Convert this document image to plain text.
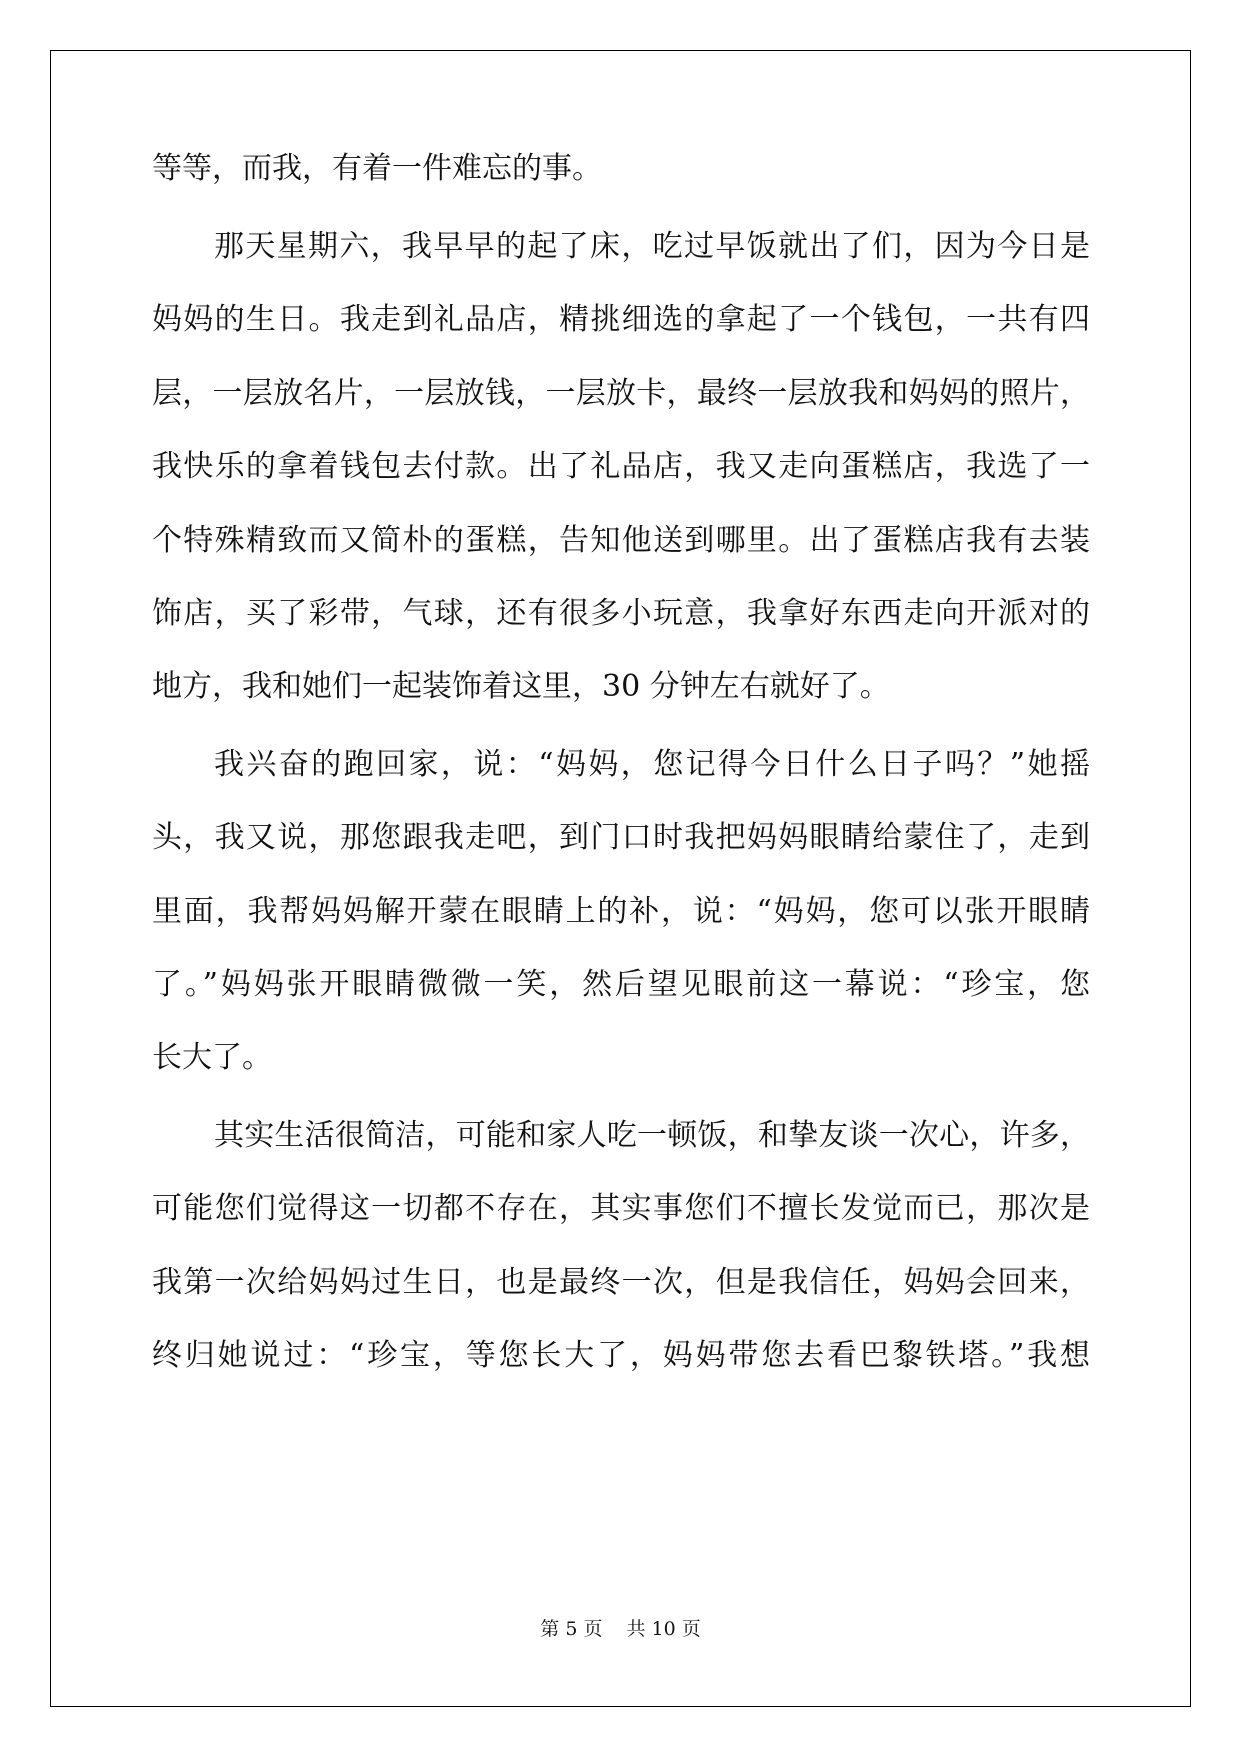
等等，而我，有着一件难忘的事。
那天星期六，我早早的起了床，吃过早饭就出了们，因为今日是
妈妈的生日。我走到礼品店，精挑细选的拿起了一个钱包，一共有四
层，一层放名片，一层放钱，一层放卡，最终一层放我和妈妈的照片，
我快乐的拿着钱包去付款。出了礼品店，我又走向蛋糕店，我选了一
个特殊精致而又简朴的蛋糕，告知他送到哪里。出了蛋糕店我有去装
饰店，买了彩带，气球，还有很多小玩意，我拿好东西走向开派对的
地方，我和她们一起装饰着这里，30 分钟左右就好了。
我兴奋的跑回家，说：“妈妈，您记得今日什么日子吗？”她摇
头，我又说，那您跟我走吧，到门口时我把妈妈眼睛给蒙住了，走到
里面，我帮妈妈解开蒙在眼睛上的补，说：“妈妈，您可以张开眼睛
了。”妈妈张开眼睛微微一笑，然后望见眼前这一幕说：“珍宝，您
长大了。
其实生活很简洁，可能和家人吃一顿饭，和挚友谈一次心，许多，
可能您们觉得这一切都不存在，其实事您们不擅长发觉而已，那次是
我第一次给妈妈过生日，也是最终一次，但是我信任，妈妈会回来，
终归她说过：“珍宝，等您长大了，妈妈带您去看巴黎铁塔。”我想
第 5 页 共 10 页
